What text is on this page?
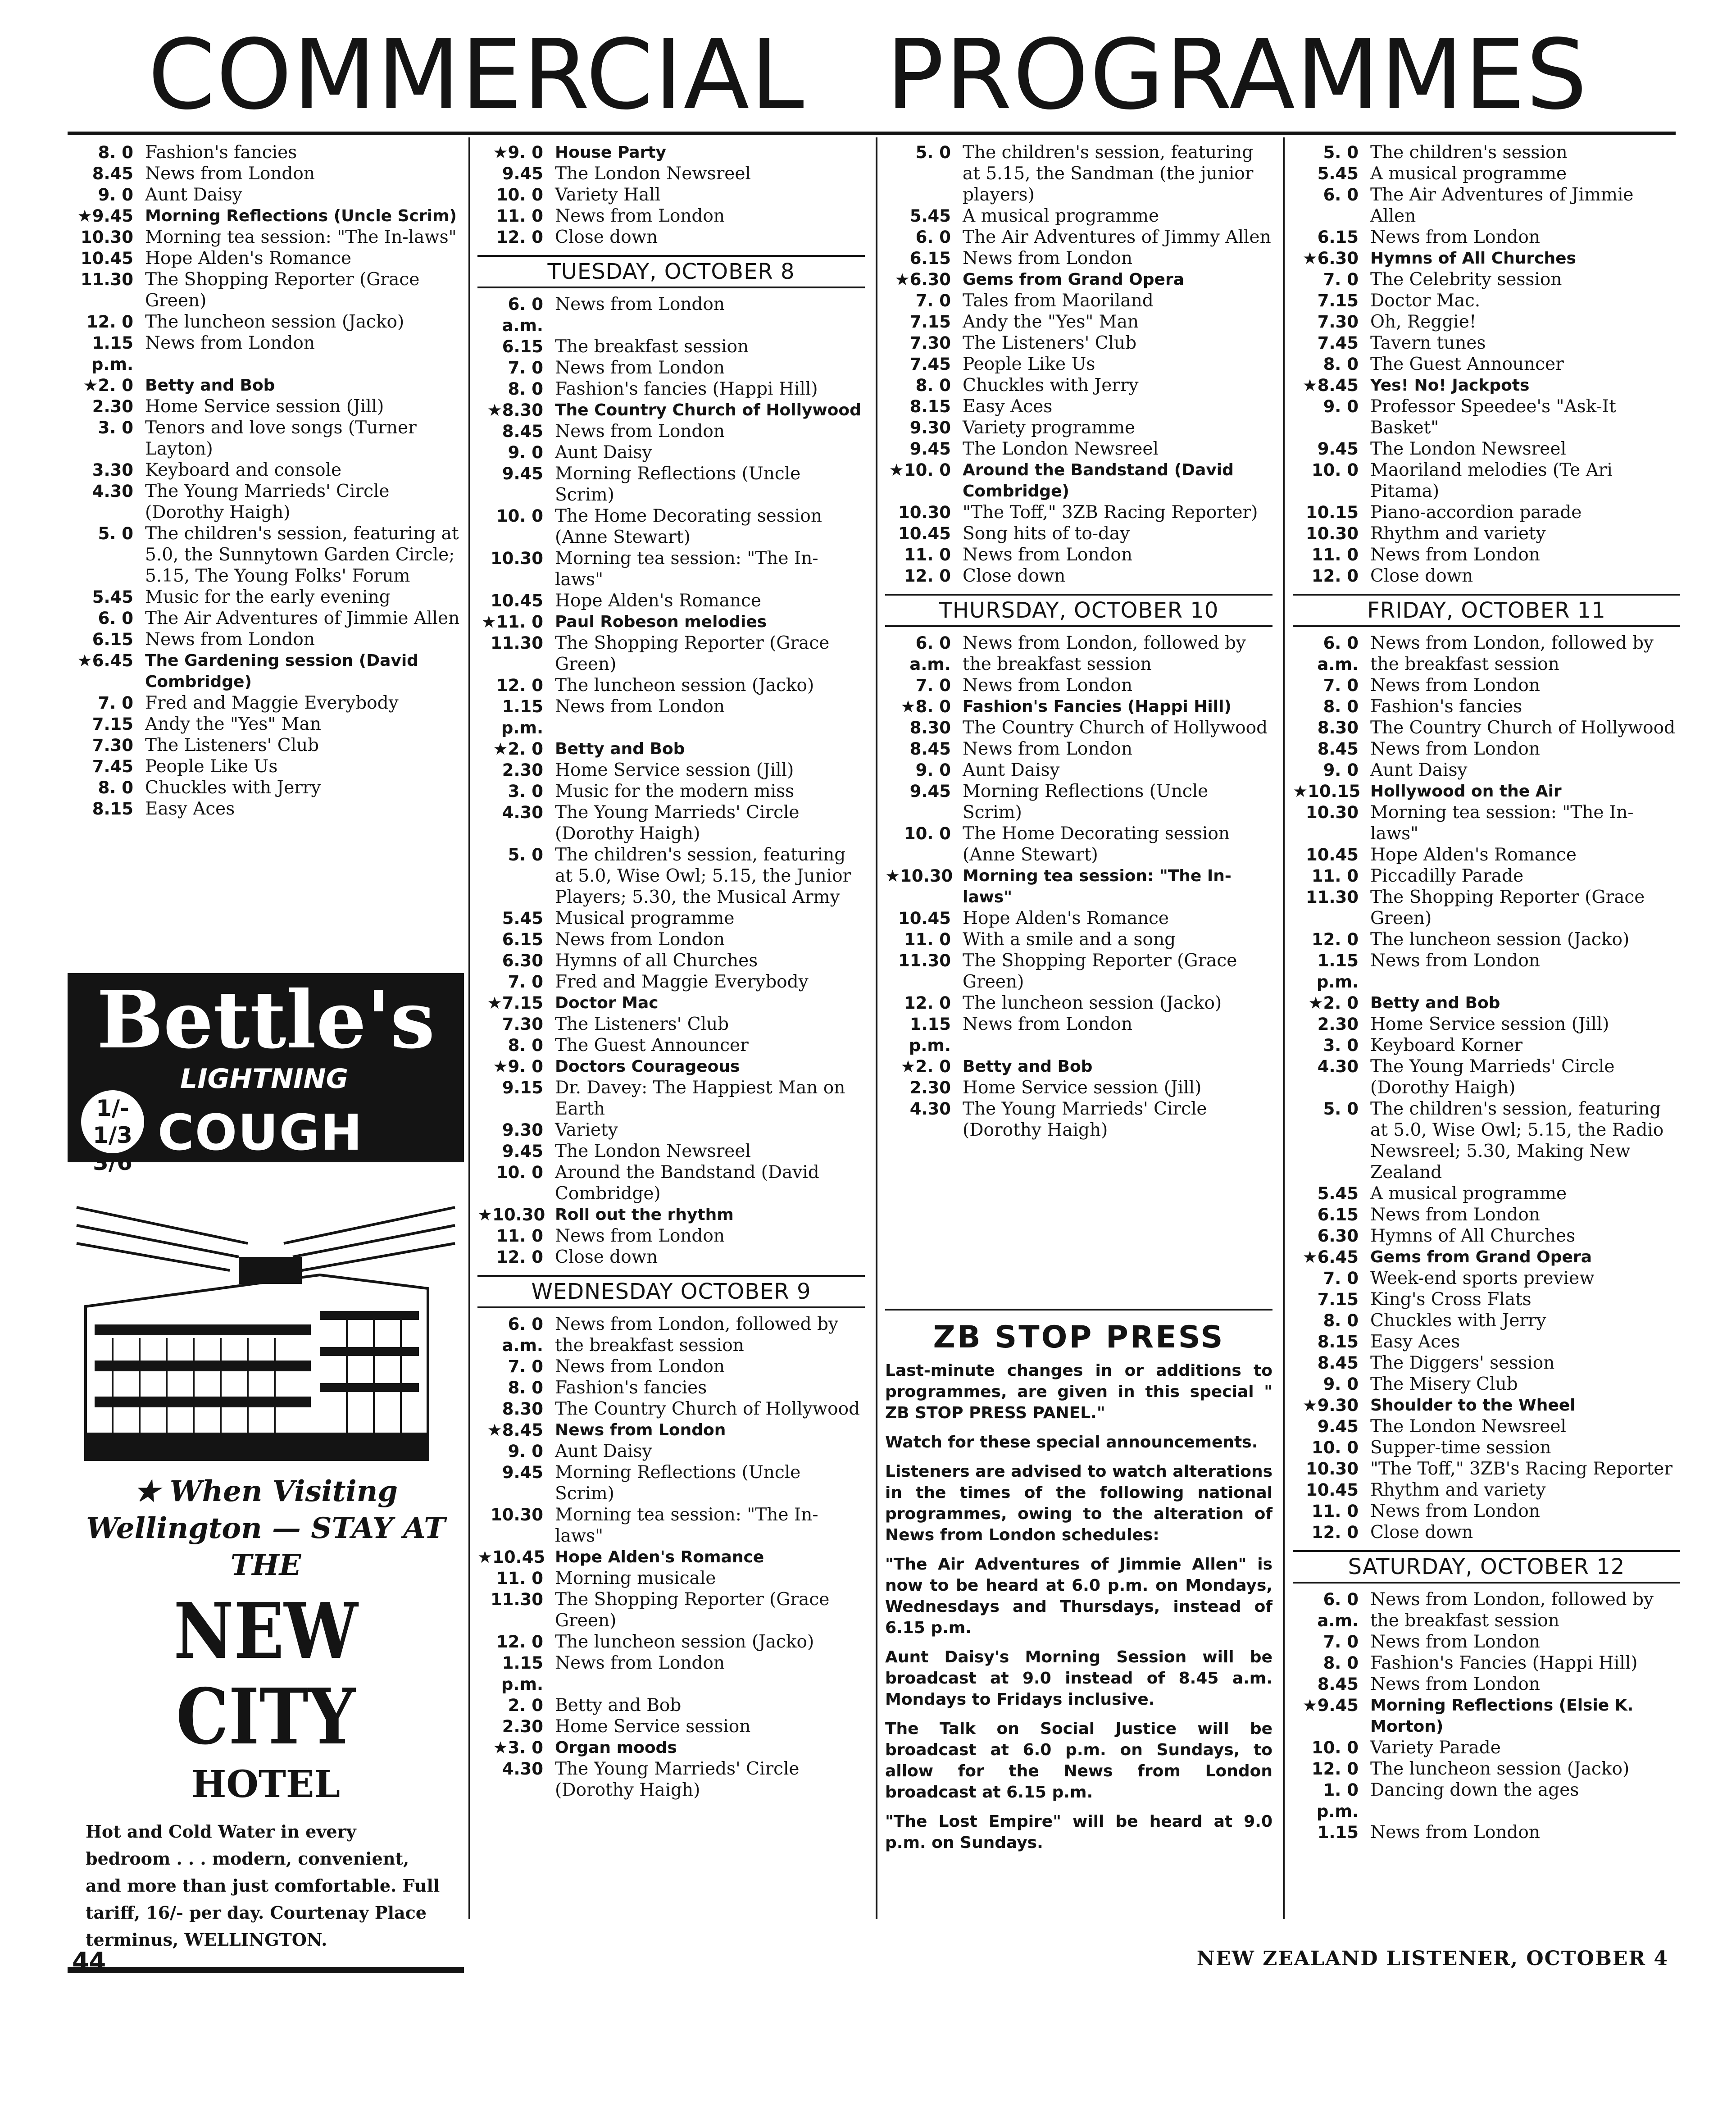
COMMERCIAL PROGRAMMES
8. 0 Fashion's fancies
8.45 News from London
9. 0 Aunt Daisy
★9.45 Morning Reflections (Uncle Scrim)
10.30 Morning tea session: "The In-laws"
10.45 Hope Alden's Romance
11.30 The Shopping Reporter (Grace Green)
12. 0 The luncheon session (Jacko)
1.15 p.m.
News from London
★2. 0 Betty and Bob
2.30 Home Service session (Jill)
3. 0 Tenors and love songs (Turner Layton)
3.30 Keyboard and console
4.30 The Young Marrieds' Circle (Dorothy Haigh)
5. 0 The children's session, featuring at 5.0, the Sunnytown Garden Circle; 5.15, The Young Folks' Forum
5.45 Music for the early evening
6. 0 The Air Adventures of Jimmie Allen
6.15 News from London
★6.45 The Gardening session (David Combridge)
7. 0 Fred and Maggie Everybody
7.15 Andy the "Yes" Man
7.30 The Listeners' Club
7.45 People Like Us
8. 0 Chuckles with Jerry
8.15 Easy Aces
★9. 0 House Party
9.45 The London Newsreel
10. 0 Variety Hall
11. 0 News from London
12. 0 Close down
TUESDAY, OCTOBER 8
6. 0 a.m.
News from London
6.15 The breakfast session
7. 0 News from London
8. 0 Fashion's fancies (Happi Hill)
★8.30 The Country Church of Hollywood
8.45 News from London
9. 0 Aunt Daisy
9.45 Morning Reflections (Uncle Scrim)
10. 0 The Home Decorating session (Anne Stewart)
10.30 Morning tea session: "The In-laws"
10.45 Hope Alden's Romance
★11. 0 Paul Robeson melodies
11.30 The Shopping Reporter (Grace Green)
12. 0 The luncheon session (Jacko)
1.15 p.m.
News from London
★2. 0 Betty and Bob
2.30 Home Service session (Jill)
3. 0 Music for the modern miss
4.30 The Young Marrieds' Circle (Dorothy Haigh)
5. 0 The children's session, featuring at 5.0, Wise Owl; 5.15, the Junior Players; 5.30, the Musical Army
5.45 Musical programme
6.15 News from London
6.30 Hymns of all Churches
7. 0 Fred and Maggie Everybody
★7.15 Doctor Mac
7.30 The Listeners' Club
8. 0 The Guest Announcer
★9. 0 Doctors Courageous
9.15 Dr. Davey: The Happiest Man on Earth
9.30 Variety
9.45 The London Newsreel
10. 0 Around the Bandstand (David Combridge)
★10.30 Roll out the rhythm
11. 0 News from London
12. 0 Close down
WEDNESDAY OCTOBER 9
6. 0 a.m.
News from London, followed by the breakfast session
7. 0 News from London
8. 0 Fashion's fancies
8.30 The Country Church of Hollywood
★8.45 News from London
9. 0 Aunt Daisy
9.45 Morning Reflections (Uncle Scrim)
10.30 Morning tea session: "The In-laws"
★10.45 Hope Alden's Romance
11. 0 Morning musicale
11.30 The Shopping Reporter (Grace Green)
12. 0 The luncheon session (Jacko)
1.15 p.m.
News from London
2. 0 Betty and Bob
2.30 Home Service session
★3. 0 Organ moods
4.30 The Young Marrieds' Circle (Dorothy Haigh)
5. 0 The children's session, featuring at 5.15, the Sandman (the junior players)
5.45 A musical programme
6. 0 The Air Adventures of Jimmy Allen
6.15 News from London
★6.30 Gems from Grand Opera
7. 0 Tales from Maoriland
7.15 Andy the "Yes" Man
7.30 The Listeners' Club
7.45 People Like Us
8. 0 Chuckles with Jerry
8.15 Easy Aces
9.30 Variety programme
9.45 The London Newsreel
★10. 0 Around the Bandstand (David Combridge)
10.30 "The Toff," 3ZB Racing Reporter)
10.45 Song hits of to-day
11. 0 News from London
12. 0 Close down
THURSDAY, OCTOBER 10
6. 0 a.m.
News from London, followed by the breakfast session
7. 0 News from London
★8. 0 Fashion's Fancies (Happi Hill)
8.30 The Country Church of Hollywood
8.45 News from London
9. 0 Aunt Daisy
9.45 Morning Reflections (Uncle Scrim)
10. 0 The Home Decorating session (Anne Stewart)
★10.30 Morning tea session: "The In-laws"
10.45 Hope Alden's Romance
11. 0 With a smile and a song
11.30 The Shopping Reporter (Grace Green)
12. 0 The luncheon session (Jacko)
1.15 p.m.
News from London
★2. 0 Betty and Bob
2.30 Home Service session (Jill)
4.30 The Young Marrieds' Circle (Dorothy Haigh)
ZB STOP PRESS

Last-minute changes in or additions to programmes, are given in this special " ZB STOP PRESS PANEL."

Watch for these special announcements.

Listeners are advised to watch alterations in the times of the following national programmes, owing to the alteration of News from London schedules:

"The Air Adventures of Jimmie Allen" is now to be heard at 6.0 p.m. on Mondays, Wednesdays and Thursdays, instead of 6.15 p.m.

Aunt Daisy's Morning Session will be broadcast at 9.0 instead of 8.45 a.m. Mondays to Fridays inclusive.

The Talk on Social Justice will be broadcast at 6.0 p.m. on Sundays, to allow for the News from London broadcast at 6.15 p.m.

"The Lost Empire" will be heard at 9.0 p.m. on Sundays.

5. 0 The children's session
5.45 A musical programme
6. 0 The Air Adventures of Jimmie Allen
6.15 News from London
★6.30 Hymns of All Churches
7. 0 The Celebrity session
7.15 Doctor Mac.
7.30 Oh, Reggie!
7.45 Tavern tunes
8. 0 The Guest Announcer
★8.45 Yes! No! Jackpots
9. 0 Professor Speedee's "Ask-It Basket"
9.45 The London Newsreel
10. 0 Maoriland melodies (Te Ari Pitama)
10.15 Piano-accordion parade
10.30 Rhythm and variety
11. 0 News from London
12. 0 Close down
FRIDAY, OCTOBER 11
6. 0 a.m.
News from London, followed by the breakfast session
7. 0 News from London
8. 0 Fashion's fancies
8.30 The Country Church of Hollywood
8.45 News from London
9. 0 Aunt Daisy
★10.15 Hollywood on the Air
10.30 Morning tea session: "The In-laws"
10.45 Hope Alden's Romance
11. 0 Piccadilly Parade
11.30 The Shopping Reporter (Grace Green)
12. 0 The luncheon session (Jacko)
1.15 p.m.
News from London
★2. 0 Betty and Bob
2.30 Home Service session (Jill)
3. 0 Keyboard Korner
4.30 The Young Marrieds' Circle (Dorothy Haigh)
5. 0 The children's session, featuring at 5.0, Wise Owl; 5.15, the Radio Newsreel; 5.30, Making New Zealand
5.45 A musical programme
6.15 News from London
6.30 Hymns of All Churches
★6.45 Gems from Grand Opera
7. 0 Week-end sports preview
7.15 King's Cross Flats
8. 0 Chuckles with Jerry
8.15 Easy Aces
8.45 The Diggers' session
9. 0 The Misery Club
★9.30 Shoulder to the Wheel
9.45 The London Newsreel
10. 0 Supper-time session
10.30 "The Toff," 3ZB's Racing Reporter
10.45 Rhythm and variety
11. 0 News from London
12. 0 Close down
SATURDAY, OCTOBER 12
6. 0 a.m.
News from London, followed by the breakfast session
7. 0 News from London
8. 0 Fashion's Fancies (Happi Hill)
8.45 News from London
★9.45 Morning Reflections (Elsie K. Morton)
10. 0 Variety Parade
12. 0 The luncheon session (Jacko)
1. 0 p.m.
Dancing down the ages
1.15 News from London
Bettle's
LIGHTNING
1/- 1/3 3/6
COUGH CURE
★ When Visiting Wellington — STAY AT THE
NEW CITY
HOTEL
Hot and Cold Water in every bedroom . . . modern, convenient, and more than just comfortable. Full tariff, 16/- per day. Courtenay Place terminus, WELLINGTON.
44	NEW ZEALAND LISTENER, OCTOBER 4
